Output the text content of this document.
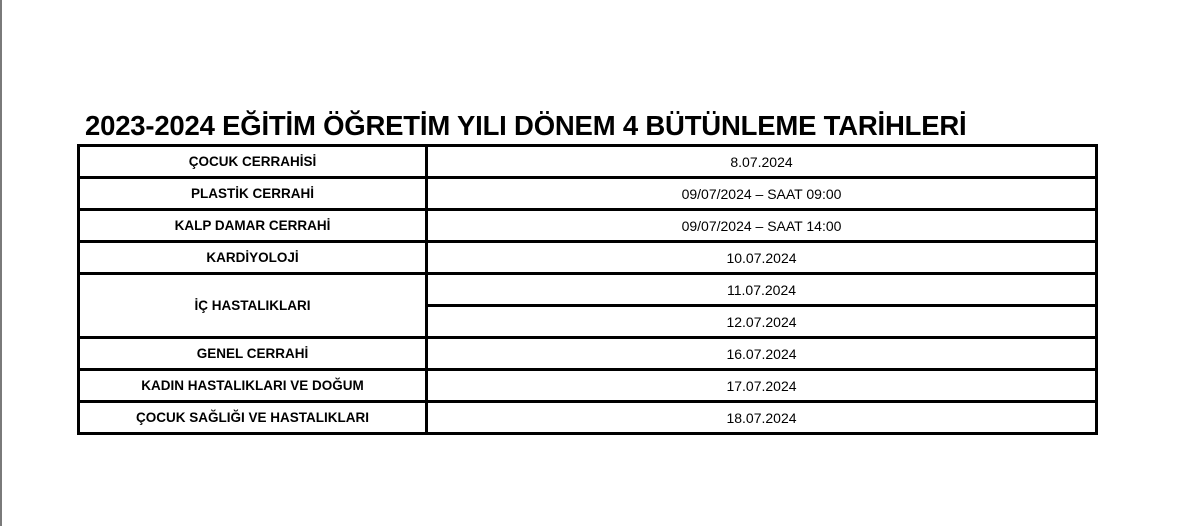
2023-2024 EĞİTİM ÖĞRETİM YILI DÖNEM 4 BÜTÜNLEME TARİHLERİ
ÇOCUK CERRAHİSİ	8.07.2024
PLASTİK CERRAHİ	09/07/2024 – SAAT 09:00
KALP DAMAR CERRAHİ	09/07/2024 – SAAT 14:00
KARDİYOLOJİ	10.07.2024
İÇ HASTALIKLARI	11.07.2024
	12.07.2024
GENEL CERRAHİ	16.07.2024
KADIN HASTALIKLARI VE DOĞUM	17.07.2024
ÇOCUK SAĞLIĞI VE HASTALIKLARI	18.07.2024
